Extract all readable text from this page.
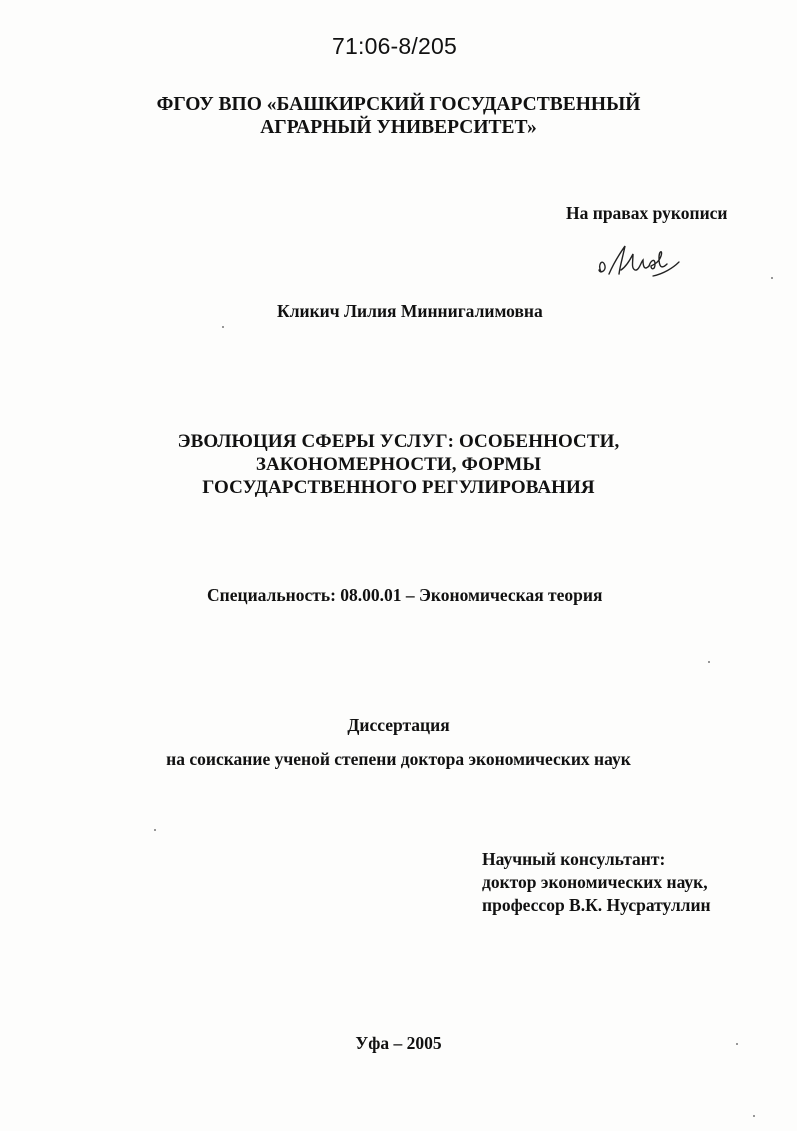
71:06-8/205
ФГОУ ВПО «БАШКИРСКИЙ ГОСУДАРСТВЕННЫЙ
АГРАРНЫЙ УНИВЕРСИТЕТ»
На правах рукописи
Кликич Лилия Миннигалимовна
ЭВОЛЮЦИЯ СФЕРЫ УСЛУГ: ОСОБЕННОСТИ,
ЗАКОНОМЕРНОСТИ, ФОРМЫ
ГОСУДАРСТВЕННОГО РЕГУЛИРОВАНИЯ
Специальность: 08.00.01 – Экономическая теория
Диссертация
на соискание ученой степени доктора экономических наук
Научный консультант:
доктор экономических наук,
профессор В.К. Нусратуллин
Уфа – 2005
